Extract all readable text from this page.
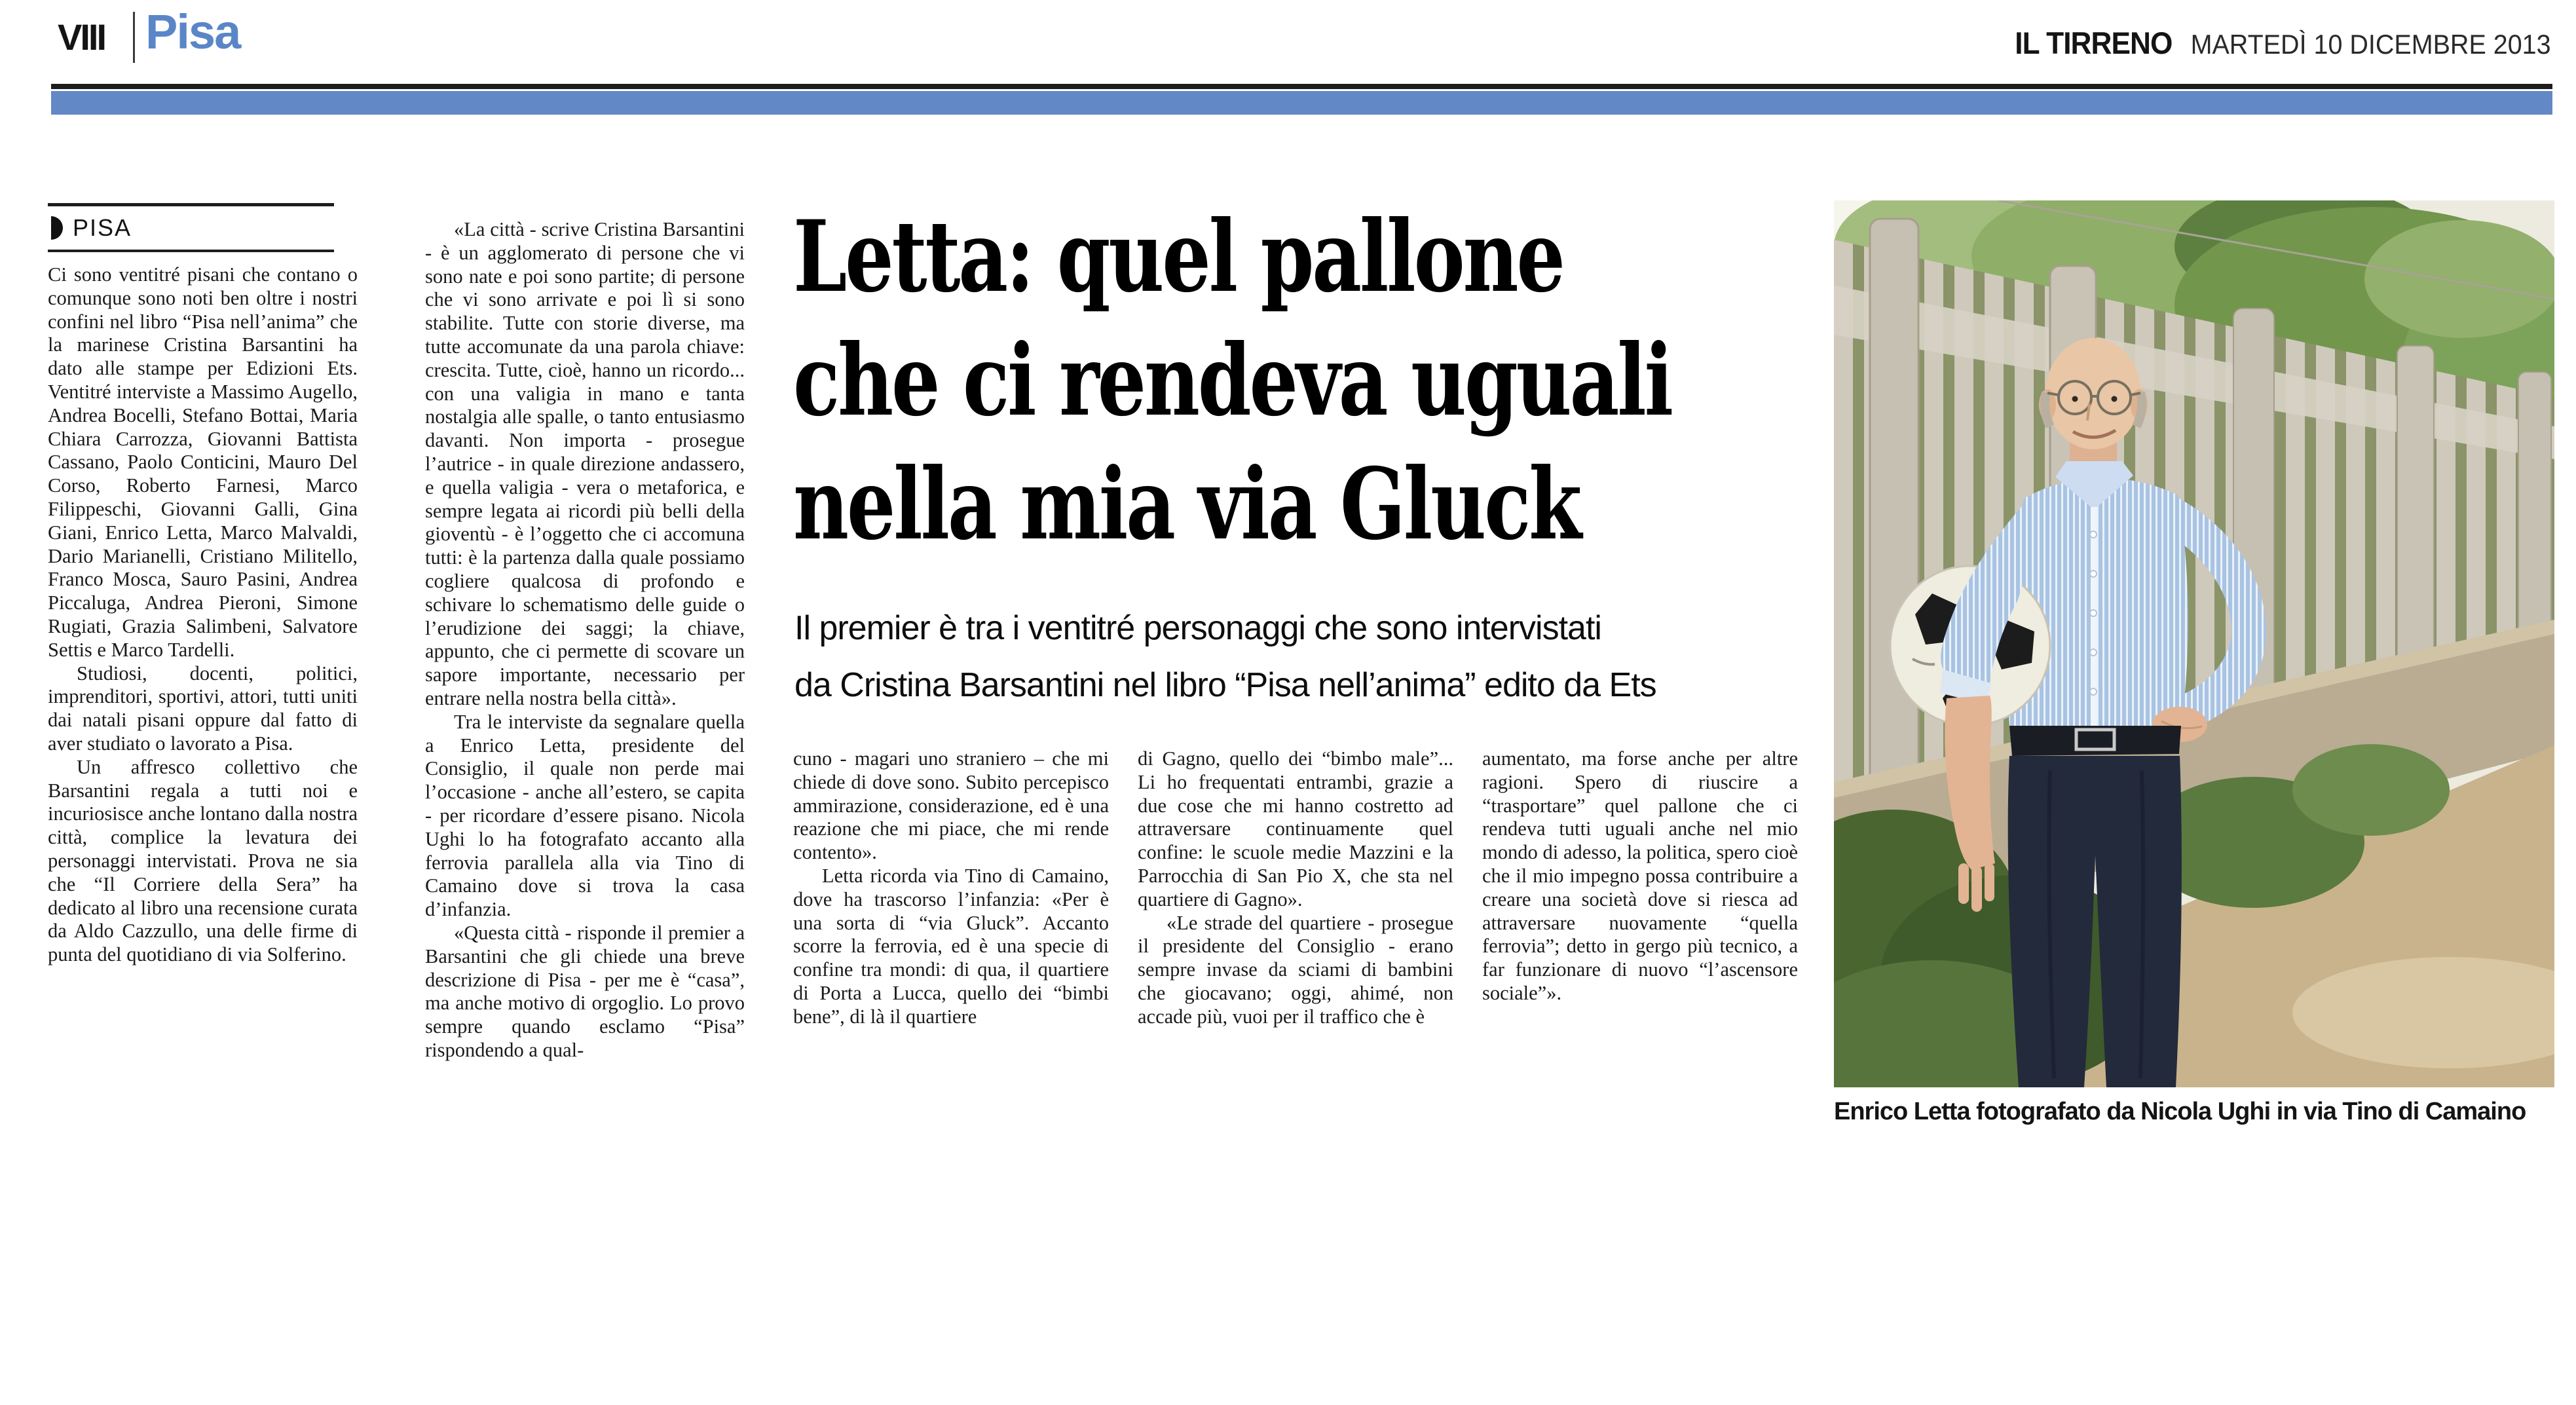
VIII Pisa	IL TIRRENO MARTEDÌ 10 DICEMBRE 2013
PISA

Ci sono ventitré pisani che contano o comunque sono noti ben oltre i nostri confini nel libro “Pisa nell’anima” che la marinese Cristina Barsantini ha dato alle stampe per Edizioni Ets. Ventitré interviste a Massimo Augello, Andrea Bocelli, Stefano Bottai, Maria Chiara Carrozza, Giovanni Battista Cassano, Paolo Conticini, Mauro Del Corso, Roberto Farnesi, Marco Filippeschi, Giovanni Galli, Gina Giani, Enrico Letta, Marco Malvaldi, Dario Marianelli, Cristiano Militello, Franco Mosca, Sauro Pasini, Andrea Piccaluga, Andrea Pieroni, Simone Rugiati, Grazia Salimbeni, Salvatore Settis e Marco Tardelli.

Studiosi, docenti, politici, imprenditori, sportivi, attori, tutti uniti dai natali pisani oppure dal fatto di aver studiato o lavorato a Pisa.

Un affresco collettivo che Barsantini regala a tutti noi e incuriosisce anche lontano dalla nostra città, complice la levatura dei personaggi intervistati. Prova ne sia che “Il Corriere della Sera” ha dedicato al libro una recensione curata da Aldo Cazzullo, una delle firme di punta del quotidiano di via Solferino.

«La città - scrive Cristina Barsantini - è un agglomerato di persone che vi sono nate e poi sono partite; di persone che vi sono arrivate e poi lì si sono stabilite. Tutte con storie diverse, ma tutte accomunate da una parola chiave: crescita. Tutte, cioè, hanno un ricordo... con una valigia in mano e tanta nostalgia alle spalle, o tanto entusiasmo davanti. Non importa - prosegue l’autrice - in quale direzione andassero, e quella valigia - vera o metaforica, e sempre legata ai ricordi più belli della gioventù - è l’oggetto che ci accomuna tutti: è la partenza dalla quale possiamo cogliere qualcosa di profondo e schivare lo schematismo delle guide o l’erudizione dei saggi; la chiave, appunto, che ci permette di scovare un sapore importante, necessario per entrare nella nostra bella città».

Tra le interviste da segnalare quella a Enrico Letta, presidente del Consiglio, il quale non perde mai l’occasione - anche all’estero, se capita - per ricordare d’essere pisano. Nicola Ughi lo ha fotografato accanto alla ferrovia parallela alla via Tino di Camaino dove si trova la casa d’infanzia.

«Questa città - risponde il premier a Barsantini che gli chiede una breve descrizione di Pisa - per me è “casa”, ma anche motivo di orgoglio. Lo provo sempre quando esclamo “Pisa” rispondendo a qual-

Letta: quel pallone
che ci rendeva uguali
nella mia via Gluck
Il premier è tra i ventitré personaggi che sono intervistati
da Cristina Barsantini nel libro “Pisa nell’anima” edito da Ets

cuno - magari uno straniero – che mi chiede di dove sono. Subito percepisco ammirazione, considerazione, ed è una reazione che mi piace, che mi rende contento».

Letta ricorda via Tino di Camaino, dove ha trascorso l’infanzia: «Per è una sorta di “via Gluck”. Accanto scorre la ferrovia, ed è una specie di confine tra mondi: di qua, il quartiere di Porta a Lucca, quello dei “bimbi bene”, di là il quartiere

di Gagno, quello dei “bimbo male”... Li ho frequentati entrambi, grazie a due cose che mi hanno costretto ad attraversare continuamente quel confine: le scuole medie Mazzini e la Parrocchia di San Pio X, che sta nel quartiere di Gagno».

«Le strade del quartiere - prosegue il presidente del Consiglio - erano sempre invase da sciami di bambini che giocavano; oggi, ahimé, non accade più, vuoi per il traffico che è

aumentato, ma forse anche per altre ragioni. Spero di riuscire a “trasportare” quel pallone che ci rendeva tutti uguali anche nel mio mondo di adesso, la politica, spero cioè che il mio impegno possa contribuire a creare una società dove si riesca ad attraversare nuovamente “quella ferrovia”; detto in gergo più tecnico, a far funzionare di nuovo “l’ascensore sociale”».

Enrico Letta fotografato da Nicola Ughi in via Tino di Camaino
